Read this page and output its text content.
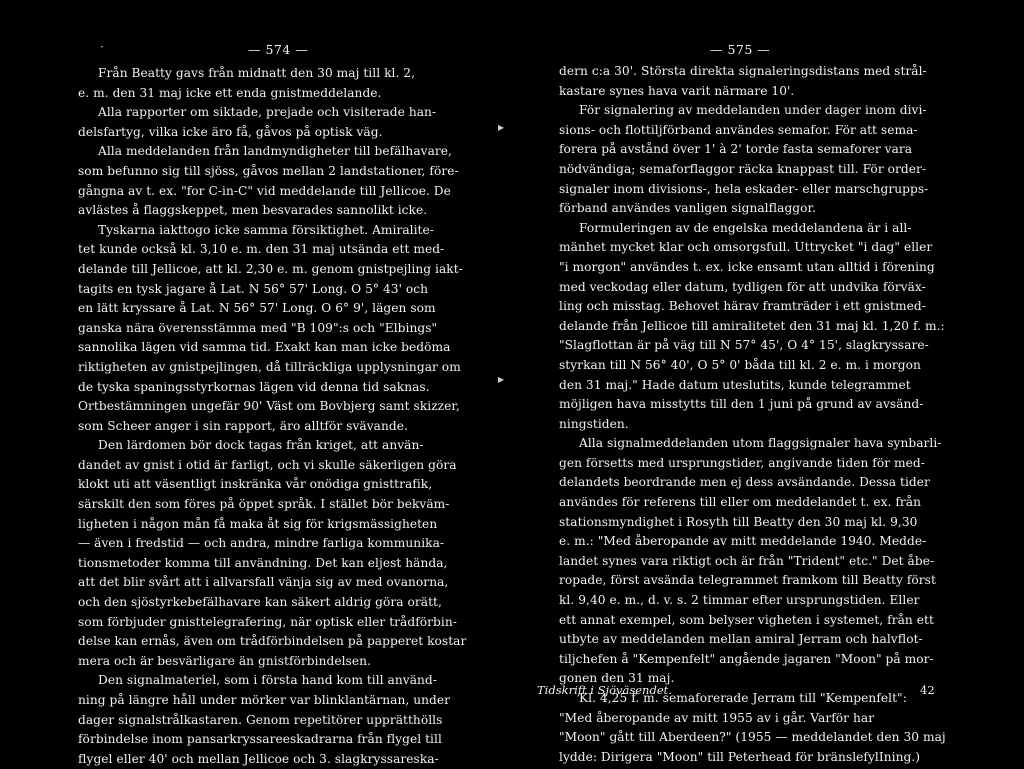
— 574 —
·
Från Beatty gavs från midnatt den 30 maj till kl. 2,
e. m. den 31 maj icke ett enda gnistmeddelande.
Alla rapporter om siktade, prejade och visiterade han-
delsfartyg, vilka icke äro få, gåvos på optisk väg.
Alla meddelanden från landmyndigheter till befälhavare,
som befunno sig till sjöss, gåvos mellan 2 landstationer, före-
gångna av t. ex. "for C-in-C" vid meddelande till Jellicoe. De
avlästes å flaggskeppet, men besvarades sannolikt icke.
Tyskarna iakttogo icke samma försiktighet. Amiralite-
tet kunde också kl. 3,10 e. m. den 31 maj utsända ett med-
delande till Jellicoe, att kl. 2,30 e. m. genom gnistpejling iakt-
tagits en tysk jagare å Lat. N 56° 57' Long. O 5° 43' och
en lätt kryssare å Lat. N 56° 57' Long. O 6° 9', lägen som
ganska nära överensstämma med "B 109":s och "Elbings"
sannolika lägen vid samma tid. Exakt kan man icke bedöma
riktigheten av gnistpejlingen, då tillräckliga upplysningar om
de tyska spaningsstyrkornas lägen vid denna tid saknas.
Ortbestämningen ungefär 90' Väst om Bovbjerg samt skizzer,
som Scheer anger i sin rapport, äro alltför svävande.
Den lärdomen bör dock tagas från kriget, att använ-
dandet av gnist i otid är farligt, och vi skulle säkerligen göra
klokt uti att väsentligt inskränka vår onödiga gnisttrafik,
särskilt den som föres på öppet språk. I stället bör bekväm-
ligheten i någon mån få maka åt sig för krigsmässigheten
— även i fredstid — och andra, mindre farliga kommunika-
tionsmetoder komma till användning. Det kan eljest hända,
att det blir svårt att i allvarsfall vänja sig av med ovanorna,
och den sjöstyrkebefälhavare kan säkert aldrig göra orätt,
som förbjuder gnisttelegrafering, när optisk eller trådförbin-
delse kan ernås, även om trådförbindelsen på papperet kostar
mera och är besvärligare än gnistförbindelsen.
Den signalmateriel, som i första hand kom till använd-
ning på längre håll under mörker var blinklantärnan, under
dager signalstrålkastaren. Genom repetitörer upprätthölls
förbindelse inom pansarkryssareeskadrarna från flygel till
flygel eller 40' och mellan Jellicoe och 3. slagkryssareska-
— 575 —
▸
▸
dern c:a 30'. Största direkta signaleringsdistans med strål-
kastare synes hava varit närmare 10'.
För signalering av meddelanden under dager inom divi-
sions- och flottiljförband användes semafor. För att sema-
forera på avstånd över 1' à 2' torde fasta semaforer vara
nödvändiga; semaforflaggor räcka knappast till. För order-
signaler inom divisions-, hela eskader- eller marschgrupps-
förband användes vanligen signalflaggor.
Formuleringen av de engelska meddelandena är i all-
mänhet mycket klar och omsorgsfull. Uttrycket "i dag" eller
"i morgon" användes t. ex. icke ensamt utan alltid i förening
med veckodag eller datum, tydligen för att undvika förväx-
ling och misstag. Behovet härav framträder i ett gnistmed-
delande från Jellicoe till amiralitetet den 31 maj kl. 1,20 f. m.:
"Slagflottan är på väg till N 57° 45', O 4° 15', slagkryssare-
styrkan till N 56° 40', O 5° 0' båda till kl. 2 e. m. i morgon
den 31 maj." Hade datum uteslutits, kunde telegrammet
möjligen hava misstytts till den 1 juni på grund av avsänd-
ningstiden.
Alla signalmeddelanden utom flaggsignaler hava synbarli-
gen försetts med ursprungstider, angivande tiden för med-
delandets beordrande men ej dess avsändande. Dessa tider
användes för referens till eller om meddelandet t. ex. från
stationsmyndighet i Rosyth till Beatty den 30 maj kl. 9,30
e. m.: "Med åberopande av mitt meddelande 1940. Medde-
landet synes vara riktigt och är från "Trident" etc." Det åbe-
ropade, först avsända telegrammet framkom till Beatty först
kl. 9,40 e. m., d. v. s. 2 timmar efter ursprungstiden. Eller
ett annat exempel, som belyser vigheten i systemet, från ett
utbyte av meddelanden mellan amiral Jerram och halvflot-
tiljchefen å "Kempenfelt" angående jagaren "Moon" på mor-
gonen den 31 maj.
Kl. 4,25 f. m. semaforerade Jerram till "Kempenfelt":
"Med åberopande av mitt 1955 av i går. Varför har
"Moon" gått till Aberdeen?" (1955 — meddelandet den 30 maj
lydde: Dirigera "Moon" till Peterhead för bränslefylIning.)
Tidskrift i Sjöväsendet.	42
